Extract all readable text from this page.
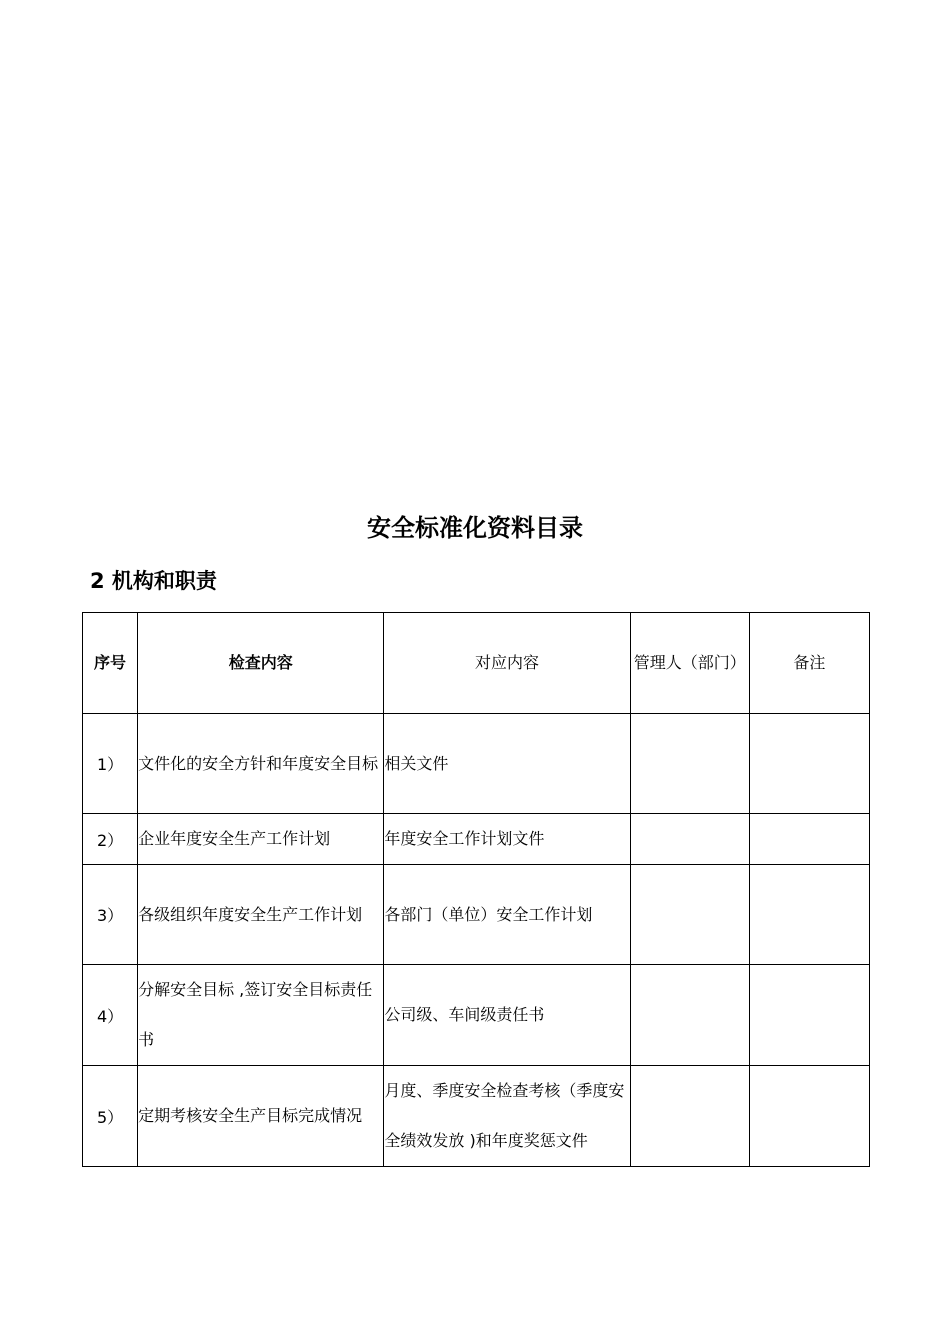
安全标准化资料目录
2 机构和职责
序号	检查内容	对应内容	管理人（部门）	备注
1）	文件化的安全方针和年度安全目标	相关文件		
2）	企业年度安全生产工作计划	年度安全工作计划文件		
3）	各级组织年度安全生产工作计划	各部门（单位）安全工作计划		
4）	分解安全目标 ,签订安全目标责任书	公司级、车间级责任书		
5）	定期考核安全生产目标完成情况	月度、季度安全检查考核（季度安全绩效发放 )和年度奖惩文件		
